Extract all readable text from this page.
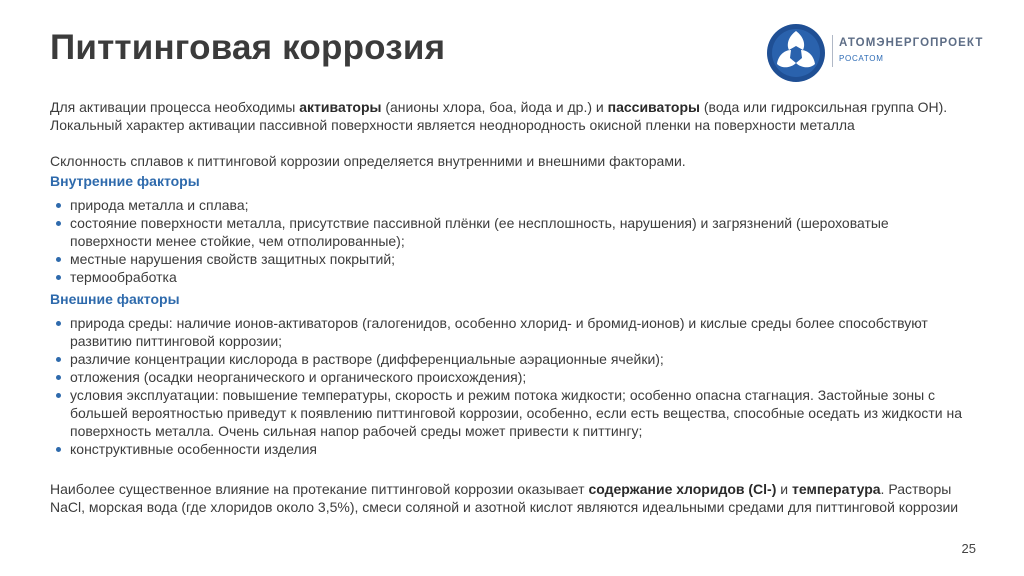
Питтинговая коррозия	АТОМЭНЕРГОПРОЕКТ
РОСАТОМ

Для активации процесса необходимы активаторы (анионы хлора, боа, йода и др.) и пассиваторы (вода или гидроксильная группа ОН). Локальный характер активации пассивной поверхности является неоднородность окисной пленки на поверхности металла

Склонность сплавов к питтинговой коррозии определяется внутренними и внешними факторами.

Внутренние факторы
природа металла и сплава;
состояние поверхности металла, присутствие пассивной плёнки (ее несплошность, нарушения) и загрязнений (шероховатые поверхности менее стойкие, чем отполированные);
местные нарушения свойств защитных покрытий;
термообработка
Внешние факторы
природа среды: наличие ионов-активаторов (галогенидов, особенно хлорид- и бромид-ионов) и кислые среды более способствуют развитию питтинговой коррозии;
различие концентрации кислорода в растворе (дифференциальные аэрационные ячейки);
отложения (осадки неорганического и органического происхождения);
условия эксплуатации: повышение температуры, скорость и режим потока жидкости; особенно опасна стагнация. Застойные зоны с большей вероятностью приведут к появлению питтинговой коррозии, особенно, если есть вещества, способные оседать из жидкости на поверхность металла. Очень сильная напор рабочей среды может привести к питтингу;
конструктивные особенности изделия

Наиболее существенное влияние на протекание питтинговой коррозии оказывает содержание хлоридов (Cl-) и температура. Растворы NaCl, морская вода (где хлоридов около 3,5%), смеси соляной и азотной кислот являются идеальными средами для питтинговой коррозии

25
